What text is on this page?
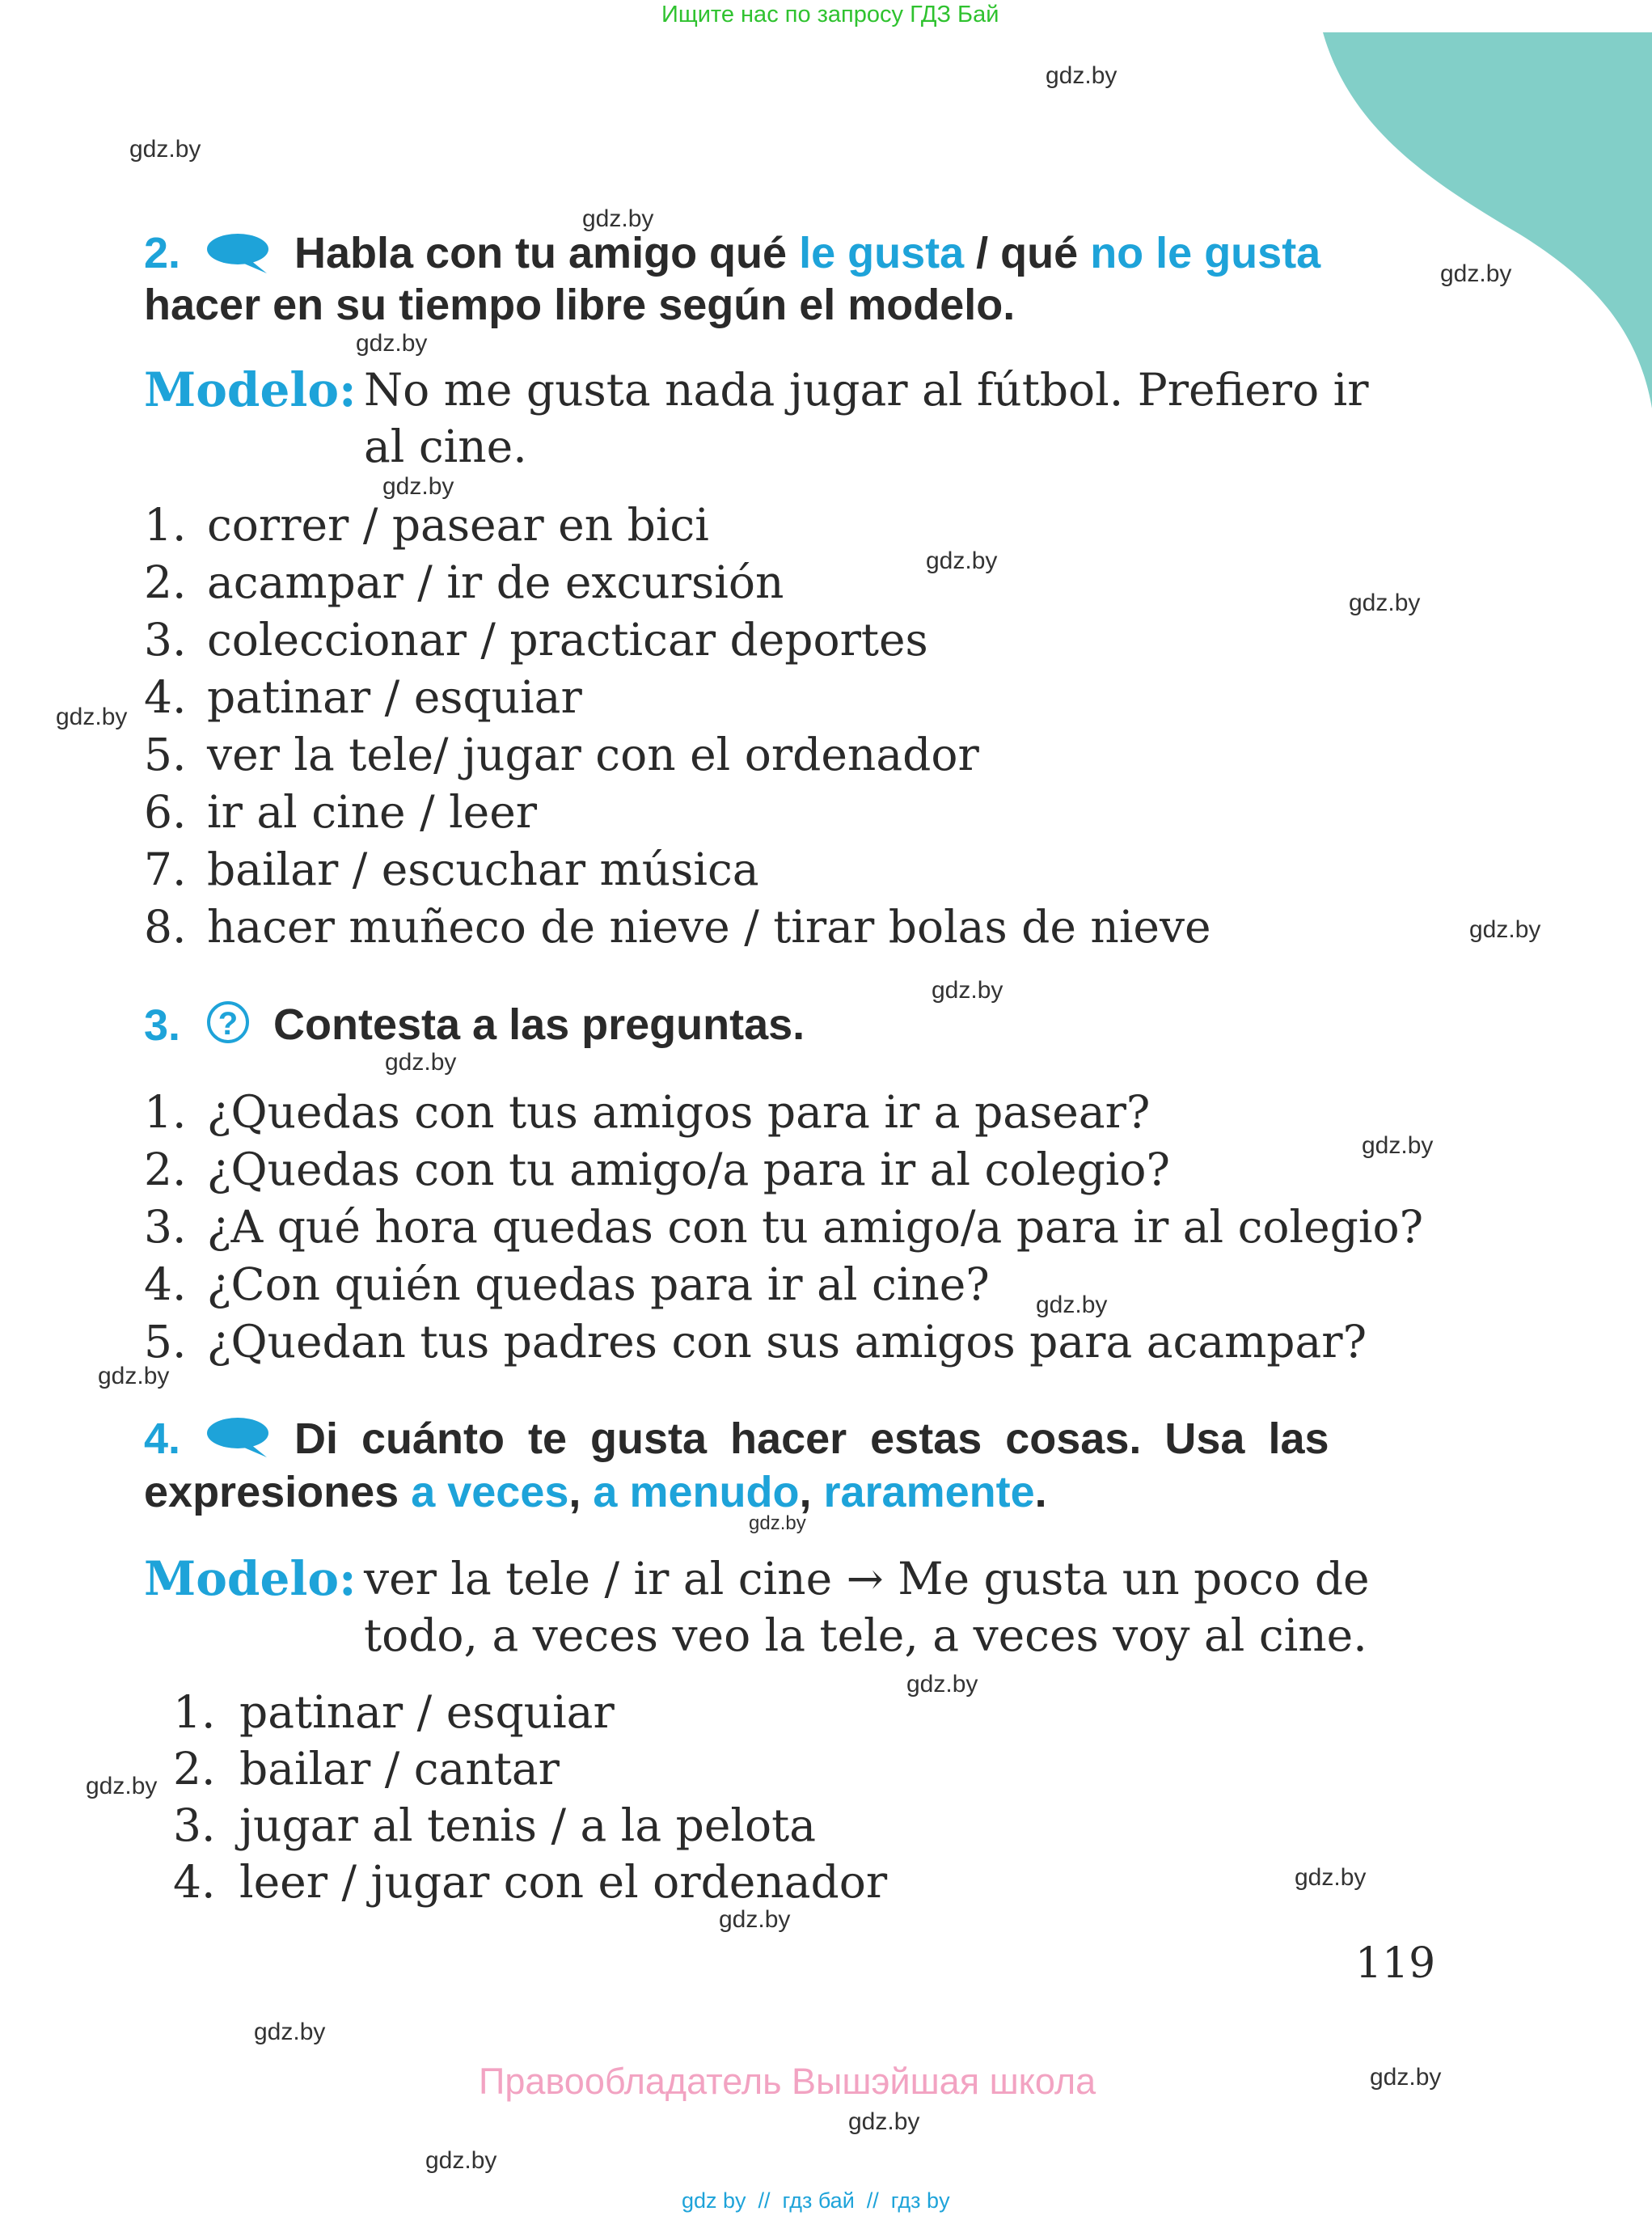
Ищите нас по запросу ГДЗ Бай
gdz.by
gdz.by
gdz.by
gdz.by
gdz.by
gdz.by
gdz.by
gdz.by
gdz.by
gdz.by
gdz.by
gdz.by
gdz.by
gdz.by
gdz.by
gdz.by
gdz.by
gdz.by
gdz.by
gdz.by
gdz.by
gdz.by
gdz.by
gdz.by
2.	Habla con tu amigo qué le gusta / qué no le gusta
hacer en su tiempo libre según el modelo.
Modelo: No me gusta nada jugar al fútbol. Prefiero ir
al cine.
1. correr / pasear en bici
2. acampar / ir de excursión
3. coleccionar / practicar deportes
4. patinar / esquiar
5. ver la tele/ jugar con el ordenador
6. ir al cine / leer
7. bailar / escuchar música
8. hacer muñeco de nieve / tirar bolas de nieve
3. ? Contesta a las preguntas.
1. ¿Quedas con tus amigos para ir a pasear?
2. ¿Quedas con tu amigo/a para ir al colegio?
3. ¿A qué hora quedas con tu amigo/a para ir al colegio?
4. ¿Con quién quedas para ir al cine?
5. ¿Quedan tus padres con sus amigos para acampar?
4.	Di cuánto te gusta hacer estas cosas. Usa las
expresiones a veces, a menudo, raramente.
Modelo: ver la tele / ir al cine → Me gusta un poco de
todo, a veces veo la tele, a veces voy al cine.
1. patinar / esquiar
2. bailar / cantar
3. jugar al tenis / a la pelota
4. leer / jugar con el ordenador
119
Правообладатель Вышэйшая школа
gdz by  //  гдз бай  //  гдз by
